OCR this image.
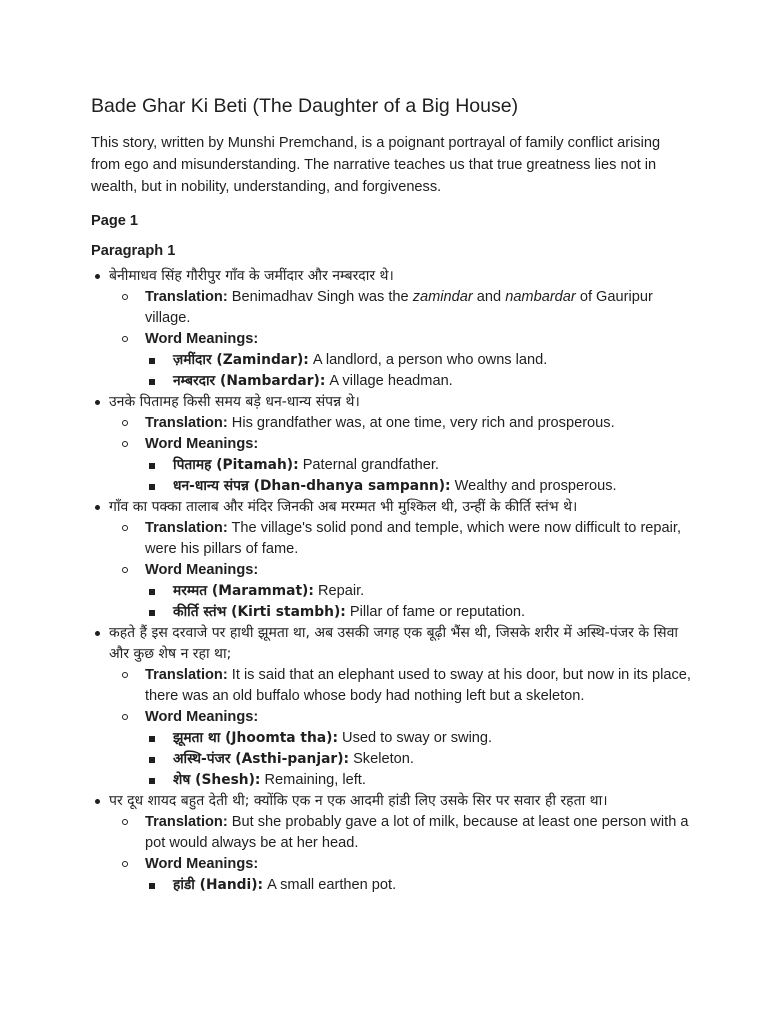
Bade Ghar Ki Beti (The Daughter of a Big House)

This story, written by Munshi Premchand, is a poignant portrayal of family conflict arising from ego and misunderstanding. The narrative teaches us that true greatness lies not in wealth, but in nobility, understanding, and forgiveness.

Page 1

Paragraph 1

बेनीमाधव सिंह गौरीपुर गाँव के जमींदार और नम्बरदार थे।
Translation: Benimadhav Singh was the zamindar and nambardar of Gauripur village.
Word Meanings:
ज़मींदार (Zamindar): A landlord, a person who owns land.
नम्बरदार (Nambardar): A village headman.
उनके पितामह किसी समय बड़े धन-धान्य संपन्न थे।
Translation: His grandfather was, at one time, very rich and prosperous.
Word Meanings:
पितामह (Pitamah): Paternal grandfather.
धन-धान्य संपन्न (Dhan-dhanya sampann): Wealthy and prosperous.
गाँव का पक्का तालाब और मंदिर जिनकी अब मरम्मत भी मुश्किल थी, उन्हीं के कीर्ति स्तंभ थे।
Translation: The village's solid pond and temple, which were now difficult to repair, were his pillars of fame.
Word Meanings:
मरम्मत (Marammat): Repair.
कीर्ति स्तंभ (Kirti stambh): Pillar of fame or reputation.
कहते हैं इस दरवाजे पर हाथी झूमता था, अब उसकी जगह एक बूढ़ी भैंस थी, जिसके शरीर में अस्थि-पंजर के सिवा और कुछ शेष न रहा था;
Translation: It is said that an elephant used to sway at his door, but now in its place, there was an old buffalo whose body had nothing left but a skeleton.
Word Meanings:
झूमता था (Jhoomta tha): Used to sway or swing.
अस्थि-पंजर (Asthi-panjar): Skeleton.
शेष (Shesh): Remaining, left.
पर दूध शायद बहुत देती थी; क्योंकि एक न एक आदमी हांडी लिए उसके सिर पर सवार ही रहता था।
Translation: But she probably gave a lot of milk, because at least one person with a pot would always be at her head.
Word Meanings:
हांडी (Handi): A small earthen pot.
